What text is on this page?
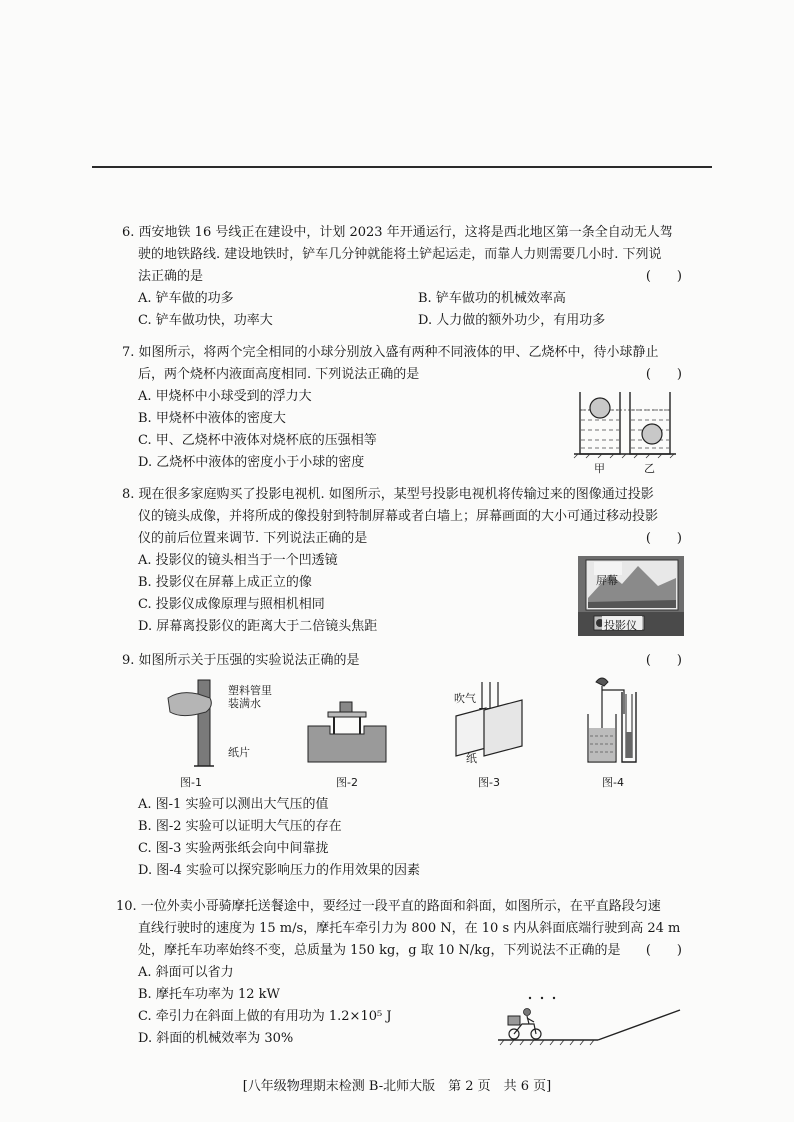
6. 西安地铁 16 号线正在建设中，计划 2023 年开通运行，这将是西北地区第一条全自动无人驾
驶的地铁路线. 建设地铁时，铲车几分钟就能将土铲起运走，而靠人力则需要几小时. 下列说
法正确的是	(　　)
A. 铲车做的功多	B. 铲车做功的机械效率高
C. 铲车做功快，功率大	D. 人力做的额外功少，有用功多
7. 如图所示，将两个完全相同的小球分别放入盛有两种不同液体的甲、乙烧杯中，待小球静止
后，两个烧杯内液面高度相同. 下列说法正确的是	(　　)
A. 甲烧杯中小球受到的浮力大
B. 甲烧杯中液体的密度大
C. 甲、乙烧杯中液体对烧杯底的压强相等
D. 乙烧杯中液体的密度小于小球的密度	甲	乙
8. 现在很多家庭购买了投影电视机. 如图所示，某型号投影电视机将传输过来的图像通过投影
仪的镜头成像，并将所成的像投射到特制屏幕或者白墙上；屏幕画面的大小可通过移动投影
仪的前后位置来调节. 下列说法正确的是	(　　)
A. 投影仪的镜头相当于一个凹透镜
B. 投影仪在屏幕上成正立的像
C. 投影仪成像原理与照相机相同
D. 屏幕离投影仪的距离大于二倍镜头焦距
屏幕
投影仪
9. 如图所示关于压强的实验说法正确的是	(　　)
塑料管里
装满水
纸片
图-1	图-2
吹气
纸
图-3	图-4
A. 图-1 实验可以测出大气压的值
B. 图-2 实验可以证明大气压的存在
C. 图-3 实验两张纸会向中间靠拢
D. 图-4 实验可以探究影响压力的作用效果的因素
10. 一位外卖小哥骑摩托送餐途中，要经过一段平直的路面和斜面，如图所示，在平直路段匀速
直线行驶时的速度为 15 m/s，摩托车牵引力为 800 N，在 10 s 内从斜面底端行驶到高 24 m
处，摩托车功率始终不变，总质量为 150 kg，g 取 10 N/kg，下列说法不正确的是 (　　)
A. 斜面可以省力
B. 摩托车功率为 12 kW
C. 牵引力在斜面上做的有用功为 1.2×10⁵ J
D. 斜面的机械效率为 30%
[八年级物理期末检测 B-北师大版　第 2 页　共 6 页]
